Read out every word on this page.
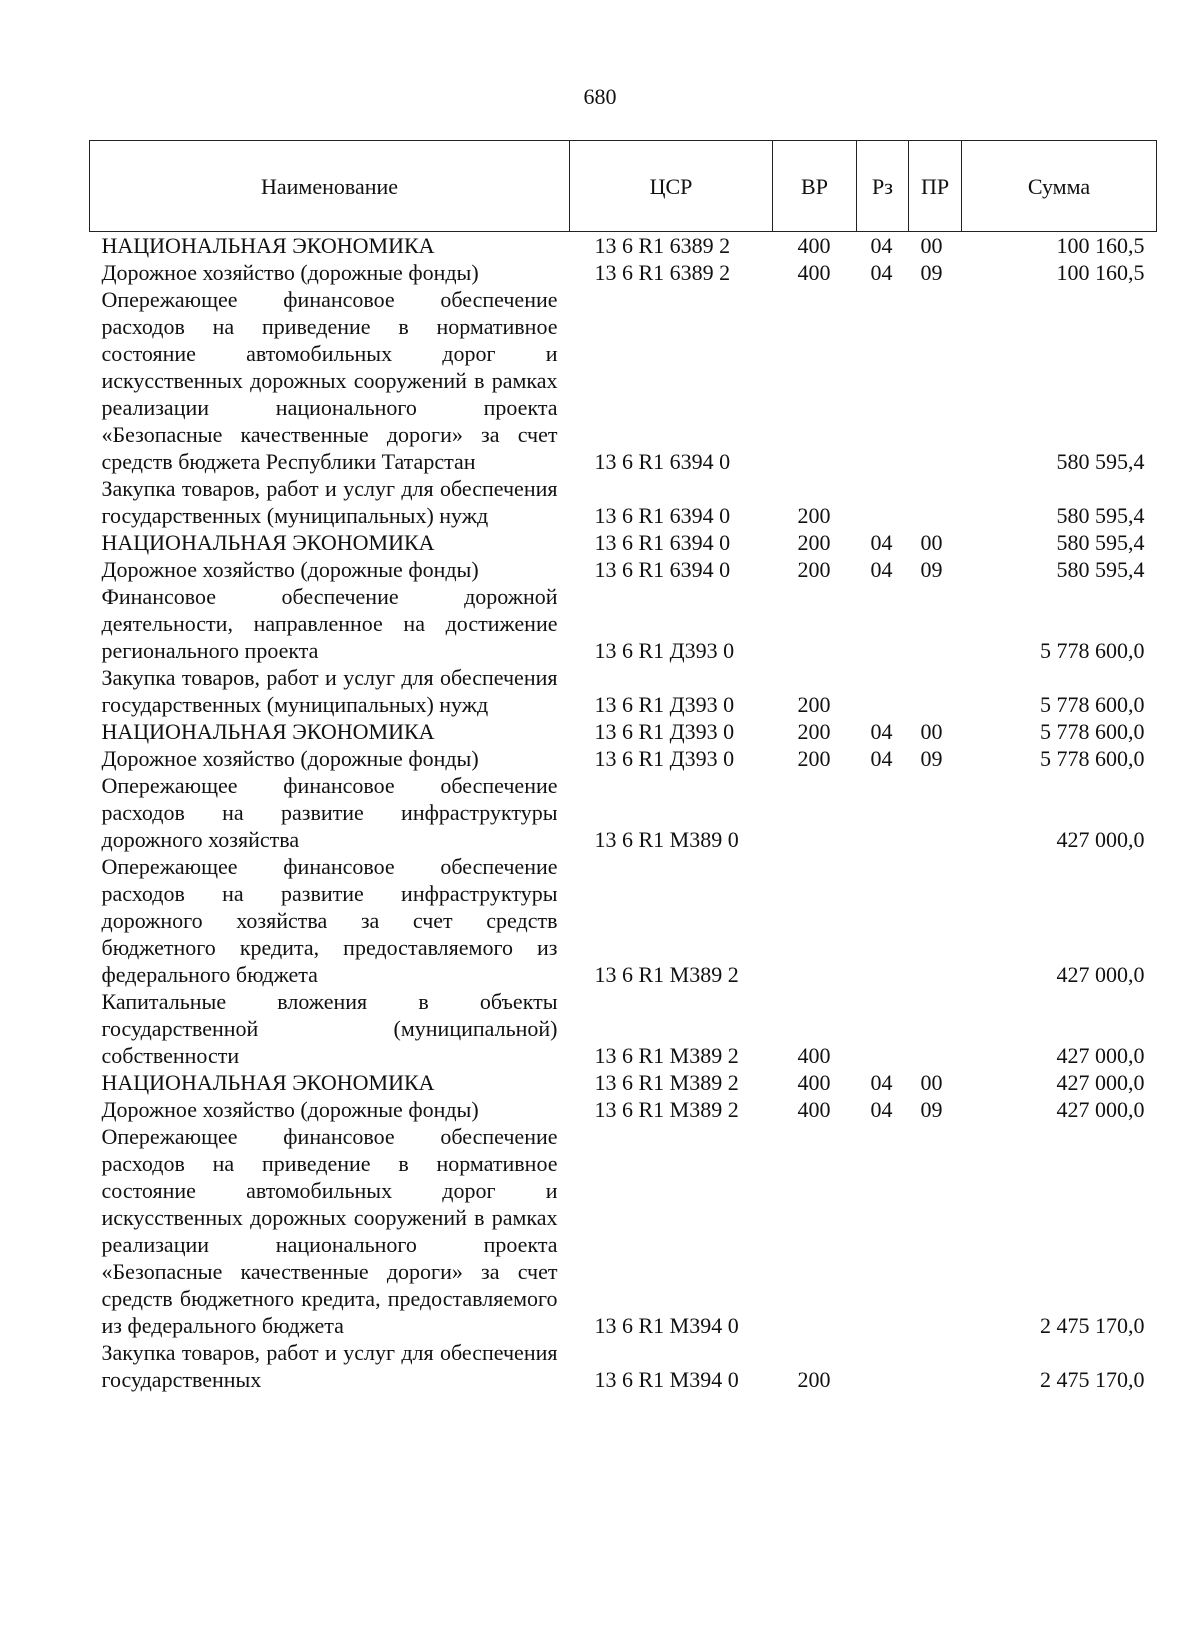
680
Наименование	ЦСР	ВР	Рз	ПР	Сумма
НАЦИОНАЛЬНАЯ ЭКОНОМИКА	13 6 R1 6389 2	400	04	00	100 160,5
Дорожное хозяйство (дорожные фонды)	13 6 R1 6389 2	400	04	09	100 160,5
Опережающее финансовое обеспечение расходов на приведение в нормативное состояние автомобильных дорог и искусственных дорожных сооружений в рамках реализации национального проекта «Безопасные качественные дороги» за счет средств бюджета Республики Татарстан	13 6 R1 6394 0				580 595,4
Закупка товаров, работ и услуг для обеспечения государственных (муниципальных) нужд	13 6 R1 6394 0	200			580 595,4
НАЦИОНАЛЬНАЯ ЭКОНОМИКА	13 6 R1 6394 0	200	04	00	580 595,4
Дорожное хозяйство (дорожные фонды)	13 6 R1 6394 0	200	04	09	580 595,4
Финансовое обеспечение дорожной деятельности, направленное на достижение регионального проекта	13 6 R1 Д393 0				5 778 600,0
Закупка товаров, работ и услуг для обеспечения государственных (муниципальных) нужд	13 6 R1 Д393 0	200			5 778 600,0
НАЦИОНАЛЬНАЯ ЭКОНОМИКА	13 6 R1 Д393 0	200	04	00	5 778 600,0
Дорожное хозяйство (дорожные фонды)	13 6 R1 Д393 0	200	04	09	5 778 600,0
Опережающее финансовое обеспечение расходов на развитие инфраструктуры дорожного хозяйства	13 6 R1 M389 0				427 000,0
Опережающее финансовое обеспечение расходов на развитие инфраструктуры дорожного хозяйства за счет средств бюджетного кредита, предоставляемого из федерального бюджета	13 6 R1 M389 2				427 000,0
Капитальные вложения в объекты государственной (муниципальной) собственности	13 6 R1 M389 2	400			427 000,0
НАЦИОНАЛЬНАЯ ЭКОНОМИКА	13 6 R1 M389 2	400	04	00	427 000,0
Дорожное хозяйство (дорожные фонды)	13 6 R1 M389 2	400	04	09	427 000,0
Опережающее финансовое обеспечение расходов на приведение в нормативное состояние автомобильных дорог и искусственных дорожных сооружений в рамках реализации национального проекта «Безопасные качественные дороги» за счет средств бюджетного кредита, предоставляемого из федерального бюджета	13 6 R1 M394 0				2 475 170,0
Закупка товаров, работ и услуг для обеспечения государственных	13 6 R1 M394 0	200			2 475 170,0
